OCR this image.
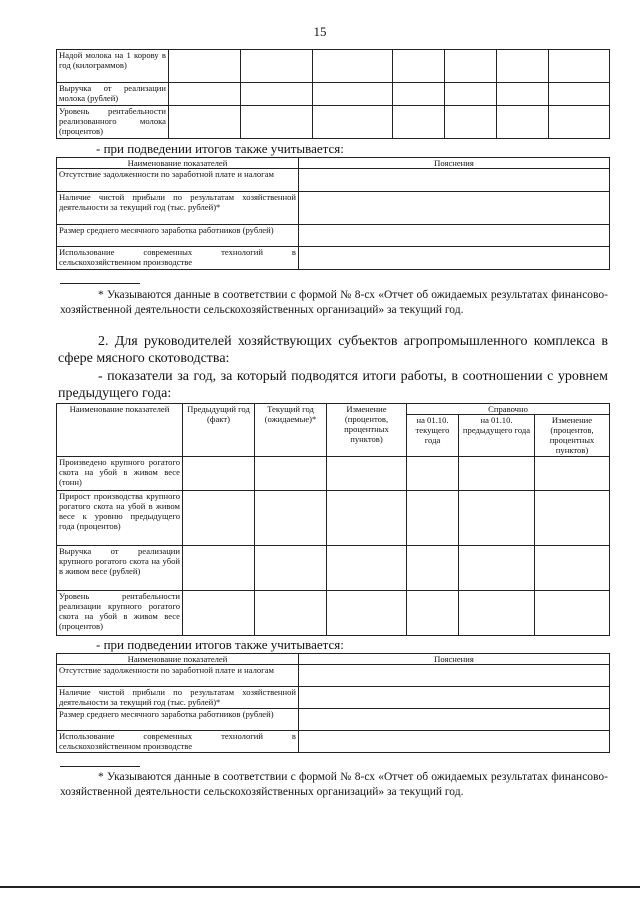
15
Надой молока на 1 корову в год (килограммов)							
Выручка от реализации молока (рублей)							
Уровень рентабельности реализованного молока (процентов)							
- при подведении итогов также учитывается:
Наименование показателей	Пояснения
Отсутствие задолженности по заработной плате и налогам	
Наличие чистой прибыли по результатам хозяйственной деятельности за текущий год (тыс. рублей)*	
Размер среднего месячного заработка работников (рублей)	
Использование современных технологий в сельскохозяйственном производстве	
* Указываются данные в соответствии с формой № 8-сх «Отчет об ожидаемых результатах финансово-хозяйственной деятельности сельскохозяйственных организаций» за текущий год.
2. Для руководителей хозяйствующих субъектов агропромышленного комплекса в сфере мясного скотоводства:
- показатели за год, за который подводятся итоги работы, в соотношении с уровнем предыдущего года:
Наименование показателей	Предыдущий год (факт)	Текущий год (ожидаемые)*	Изменение (процентов, процентных пунктов)	Справочно		
				на 01.10. текущего года	на 01.10. предыдущего года	Изменение (процентов, процентных пунктов)
Произведено крупного рогатого скота на убой в живом весе (тонн)						
Прирост производства крупного рогатого скота на убой в живом весе к уровню предыдущего года (процентов)						
Выручка от реализации крупного рогатого скота на убой в живом весе (рублей)						
Уровень рентабельности реализации крупного рогатого скота на убой в живом весе (процентов)						
- при подведении итогов также учитывается:
Наименование показателей	Пояснения
Отсутствие задолженности по заработной плате и налогам	
Наличие чистой прибыли по результатам хозяйственной деятельности за текущий год (тыс. рублей)*	
Размер среднего месячного заработка работников (рублей)	
Использование современных технологий в сельскохозяйственном производстве	
* Указываются данные в соответствии с формой № 8-сх «Отчет об ожидаемых результатах финансово-хозяйственной деятельности сельскохозяйственных организаций» за текущий год.
